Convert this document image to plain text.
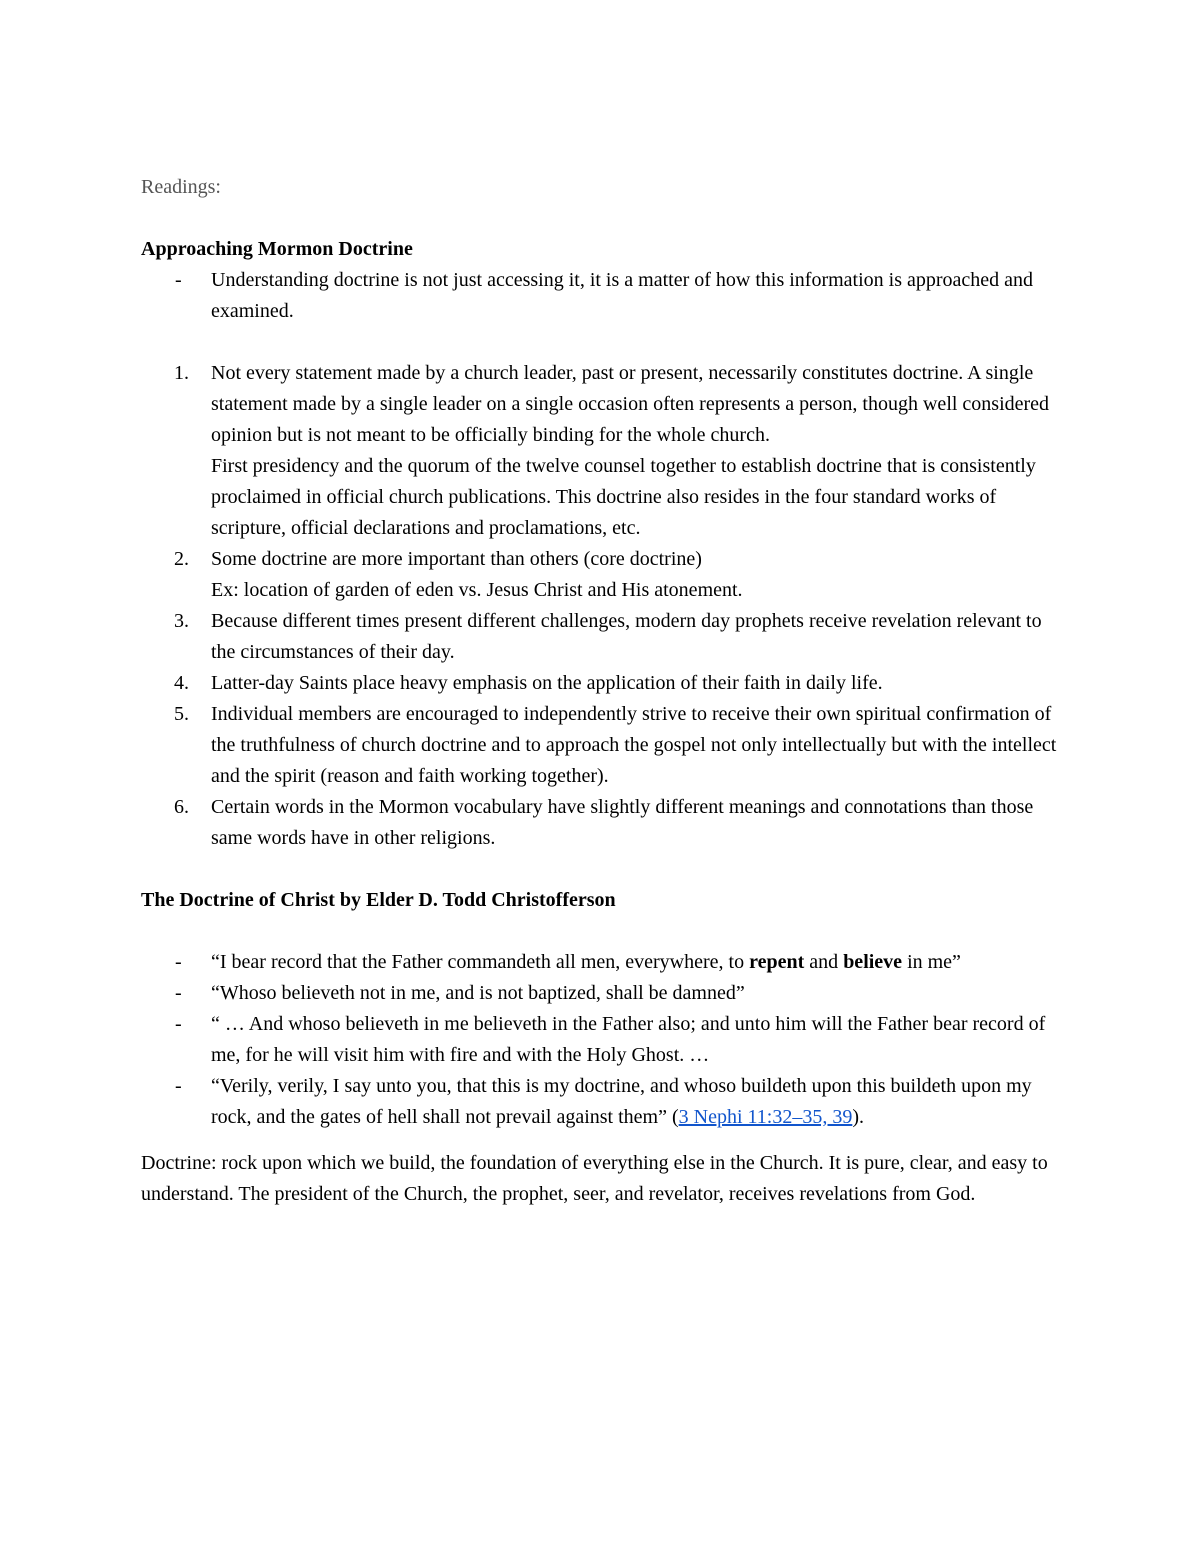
Readings:

Approaching Mormon Doctrine

- Understanding doctrine is not just accessing it, it is a matter of how this information is approached and examined.
1. Not every statement made by a church leader, past or present, necessarily constitutes doctrine. A single statement made by a single leader on a single occasion often represents a person, though well considered opinion but is not meant to be officially binding for the whole church.
First presidency and the quorum of the twelve counsel together to establish doctrine that is consistently proclaimed in official church publications. This doctrine also resides in the four standard works of scripture, official declarations and proclamations, etc.
2. Some doctrine are more important than others (core doctrine)
Ex: location of garden of eden vs. Jesus Christ and His atonement.
3. Because different times present different challenges, modern day prophets receive revelation relevant to the circumstances of their day.
4. Latter-day Saints place heavy emphasis on the application of their faith in daily life.
5. Individual members are encouraged to independently strive to receive their own spiritual confirmation of the truthfulness of church doctrine and to approach the gospel not only intellectually but with the intellect and the spirit (reason and faith working together).
6. Certain words in the Mormon vocabulary have slightly different meanings and connotations than those same words have in other religions.

The Doctrine of Christ by Elder D. Todd Christofferson

- “I bear record that the Father commandeth all men, everywhere, to repent and believe in me”
- “Whoso believeth not in me, and is not baptized, shall be damned”
- “ … And whoso believeth in me believeth in the Father also; and unto him will the Father bear record of me, for he will visit him with fire and with the Holy Ghost. …
- “Verily, verily, I say unto you, that this is my doctrine, and whoso buildeth upon this buildeth upon my rock, and the gates of hell shall not prevail against them” (3 Nephi 11:32–35, 39).

Doctrine: rock upon which we build, the foundation of everything else in the Church. It is pure, clear, and easy to understand. The president of the Church, the prophet, seer, and revelator, receives revelations from God.
